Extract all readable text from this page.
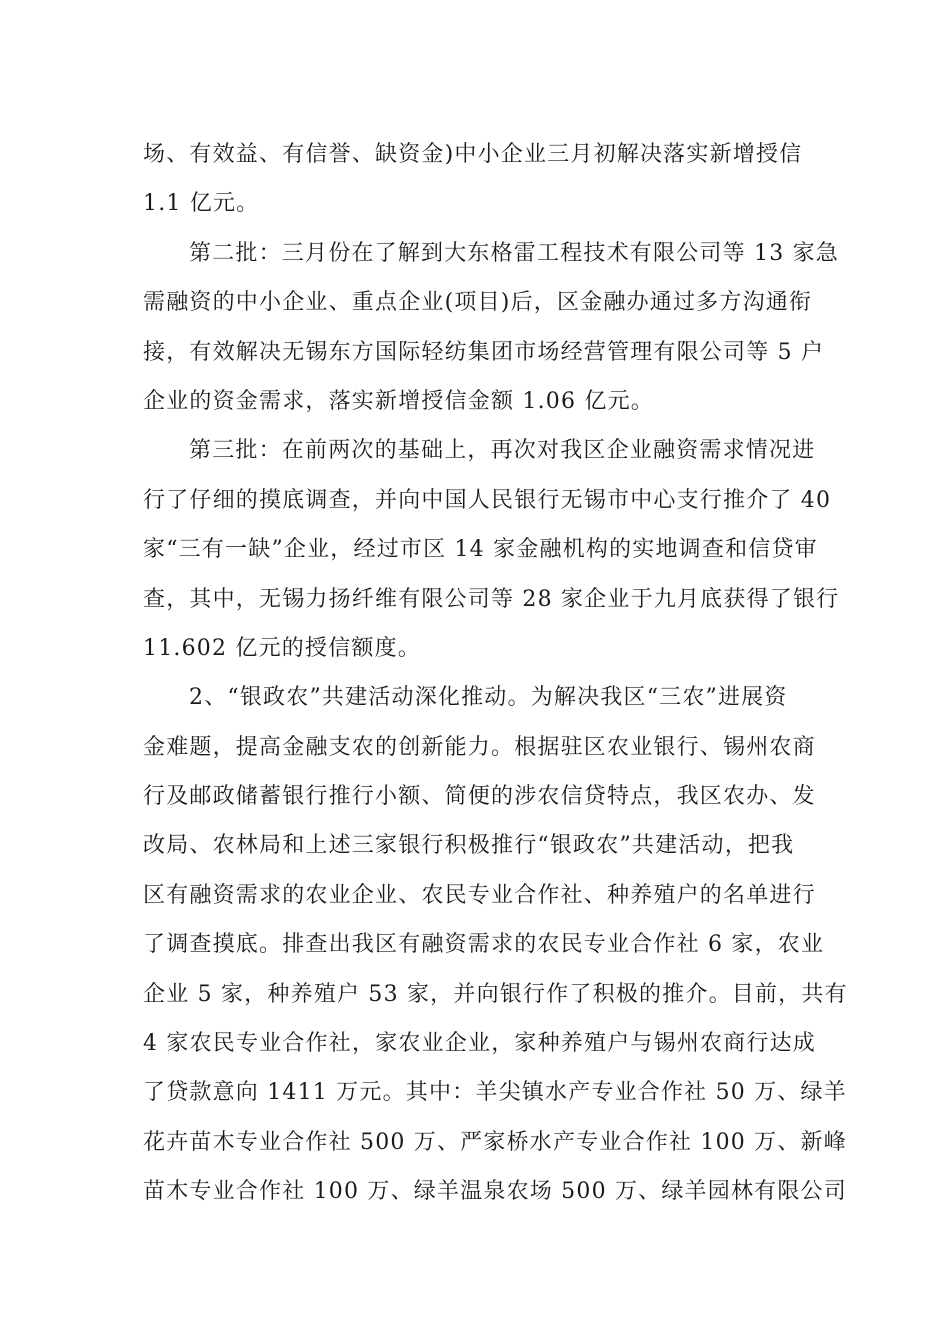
场、有效益、有信誉、缺资金)中小企业三月初解决落实新增授信
1.1 亿元。
第二批：三月份在了解到大东格雷工程技术有限公司等 13 家急
需融资的中小企业、重点企业(项目)后，区金融办通过多方沟通衔
接，有效解决无锡东方国际轻纺集团市场经营管理有限公司等 5 户
企业的资金需求，落实新增授信金额 1.06 亿元。
第三批：在前两次的基础上，再次对我区企业融资需求情况进
行了仔细的摸底调查，并向中国人民银行无锡市中心支行推介了 40
家“三有一缺”企业，经过市区 14 家金融机构的实地调查和信贷审
查，其中，无锡力扬纤维有限公司等 28 家企业于九月底获得了银行
11.602 亿元的授信额度。
2、“银政农”共建活动深化推动。为解决我区“三农”进展资
金难题，提高金融支农的创新能力。根据驻区农业银行、锡州农商
行及邮政储蓄银行推行小额、简便的涉农信贷特点，我区农办、发
改局、农林局和上述三家银行积极推行“银政农”共建活动，把我
区有融资需求的农业企业、农民专业合作社、种养殖户的名单进行
了调查摸底。排查出我区有融资需求的农民专业合作社 6 家，农业
企业 5 家，种养殖户 53 家，并向银行作了积极的推介。目前，共有
4 家农民专业合作社，家农业企业，家种养殖户与锡州农商行达成
了贷款意向 1411 万元。其中：羊尖镇水产专业合作社 50 万、绿羊
花卉苗木专业合作社 500 万、严家桥水产专业合作社 100 万、新峰
苗木专业合作社 100 万、绿羊温泉农场 500 万、绿羊园林有限公司
